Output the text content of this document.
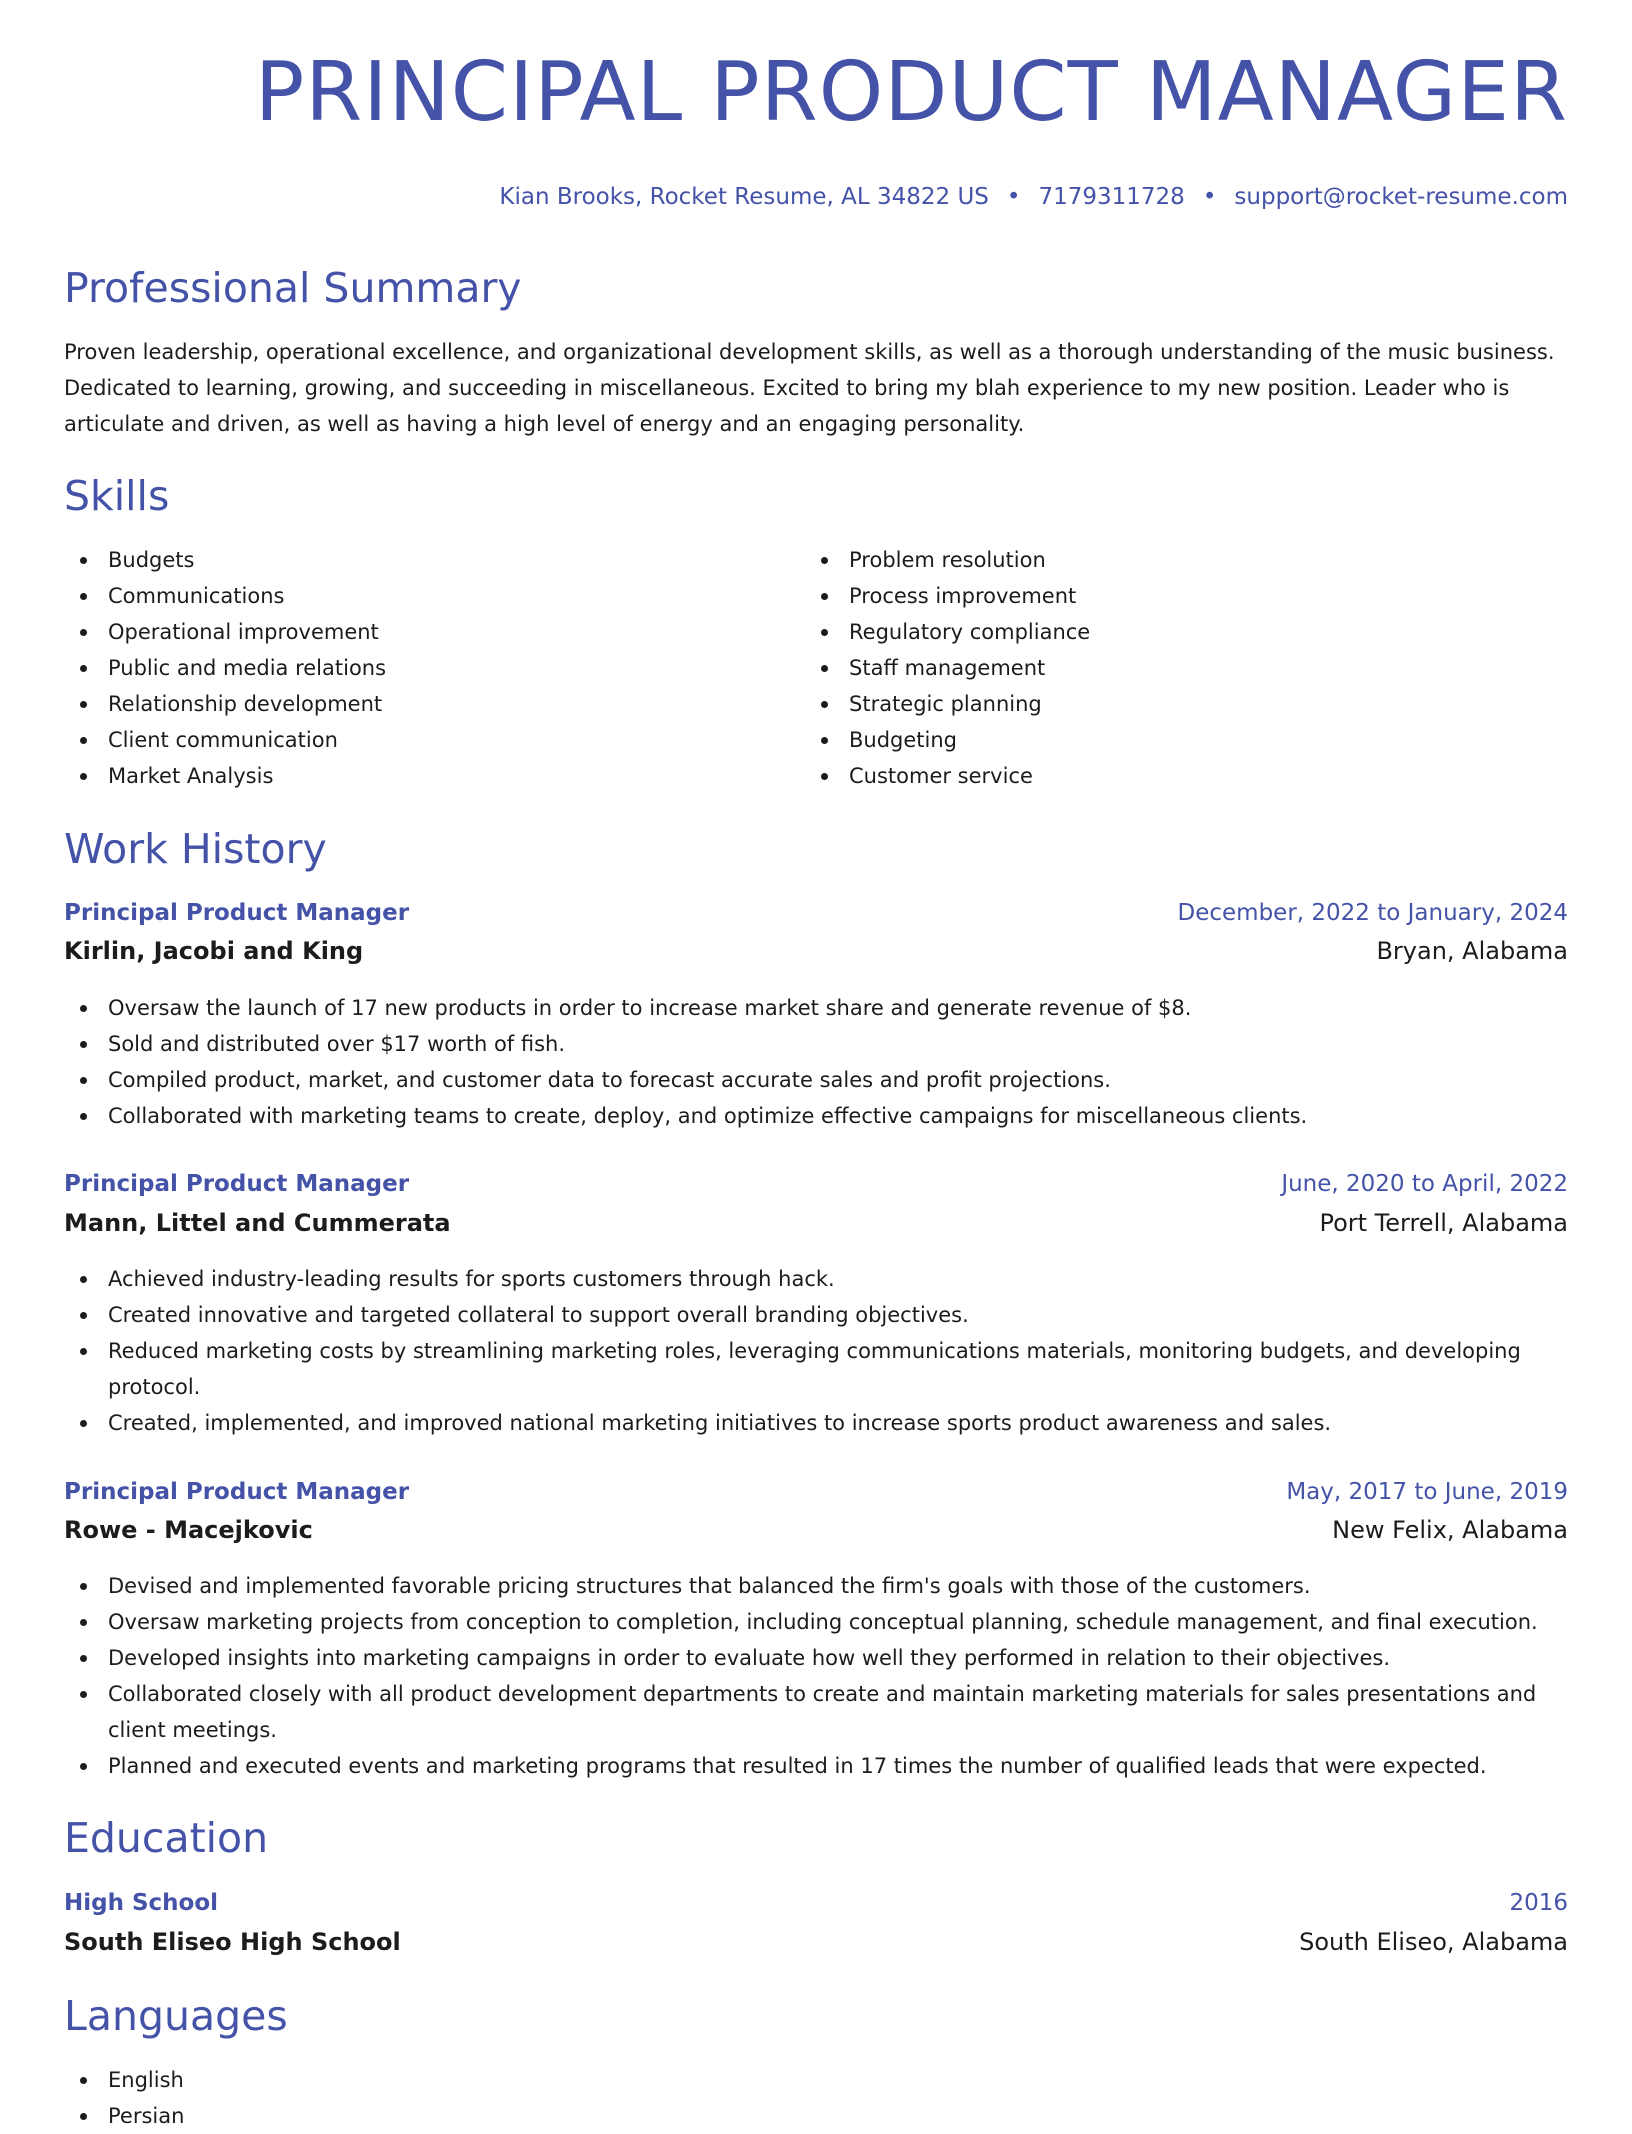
PRINCIPAL PRODUCT MANAGER
Kian Brooks, Rocket Resume, AL 34822 US • 7179311728 • support@rocket-resume.com
Professional Summary
Proven leadership, operational excellence, and organizational development skills, as well as a thorough understanding of the music business. Dedicated to learning, growing, and succeeding in miscellaneous. Excited to bring my blah experience to my new position. Leader who is articulate and driven, as well as having a high level of energy and an engaging personality.
Skills
Budgets
Communications
Operational improvement
Public and media relations
Relationship development
Client communication
Market Analysis
Problem resolution
Process improvement
Regulatory compliance
Staff management
Strategic planning
Budgeting
Customer service
Work History
Principal Product Manager	December, 2022 to January, 2024
Kirlin, Jacobi and King	Bryan, Alabama
Oversaw the launch of 17 new products in order to increase market share and generate revenue of $8.
Sold and distributed over $17 worth of fish.
Compiled product, market, and customer data to forecast accurate sales and profit projections.
Collaborated with marketing teams to create, deploy, and optimize effective campaigns for miscellaneous clients.
Principal Product Manager	June, 2020 to April, 2022
Mann, Littel and Cummerata	Port Terrell, Alabama
Achieved industry-leading results for sports customers through hack.
Created innovative and targeted collateral to support overall branding objectives.
Reduced marketing costs by streamlining marketing roles, leveraging communications materials, monitoring budgets, and developing protocol.
Created, implemented, and improved national marketing initiatives to increase sports product awareness and sales.
Principal Product Manager	May, 2017 to June, 2019
Rowe - Macejkovic	New Felix, Alabama
Devised and implemented favorable pricing structures that balanced the firm's goals with those of the customers.
Oversaw marketing projects from conception to completion, including conceptual planning, schedule management, and final execution.
Developed insights into marketing campaigns in order to evaluate how well they performed in relation to their objectives.
Collaborated closely with all product development departments to create and maintain marketing materials for sales presentations and client meetings.
Planned and executed events and marketing programs that resulted in 17 times the number of qualified leads that were expected.
Education
High School	2016
South Eliseo High School	South Eliseo, Alabama
Languages
English
Persian
